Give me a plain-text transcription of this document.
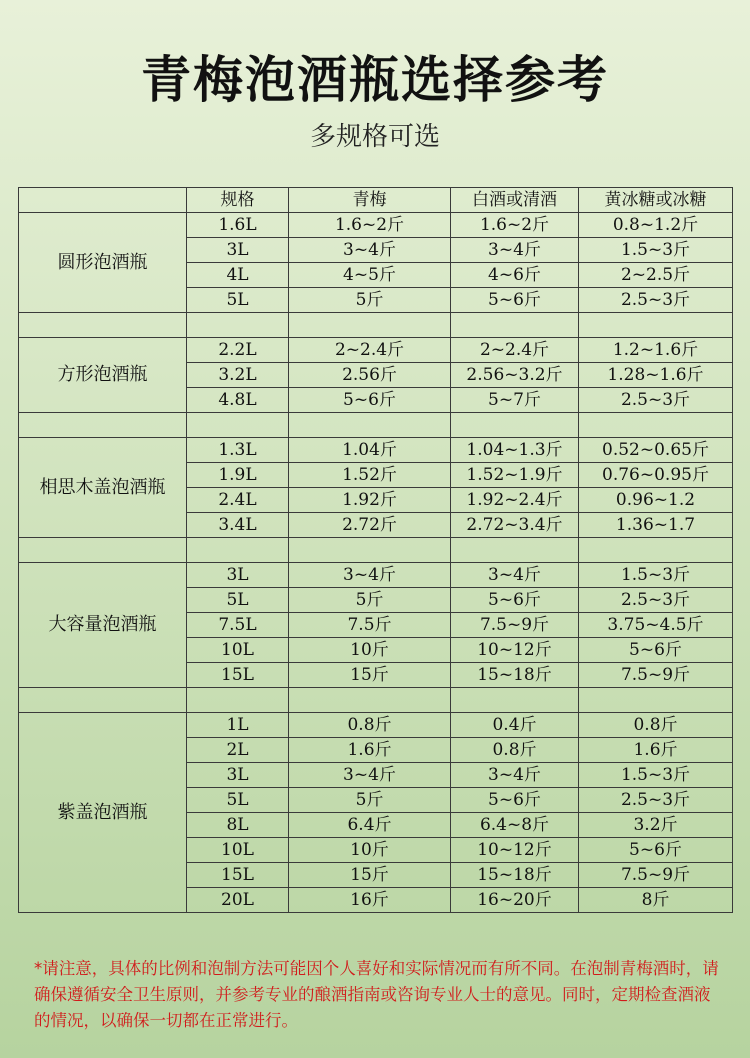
青梅泡酒瓶选择参考
多规格可选
	规格	青梅	白酒或清酒	黄冰糖或冰糖
圆形泡酒瓶	1.6L	1.6~2斤	1.6~2斤	0.8~1.2斤
	3L	3~4斤	3~4斤	1.5~3斤
	4L	4~5斤	4~6斤	2~2.5斤
	5L	5斤	5~6斤	2.5~3斤

方形泡酒瓶	2.2L	2~2.4斤	2~2.4斤	1.2~1.6斤
	3.2L	2.56斤	2.56~3.2斤	1.28~1.6斤
	4.8L	5~6斤	5~7斤	2.5~3斤

相思木盖泡酒瓶	1.3L	1.04斤	1.04~1.3斤	0.52~0.65斤
	1.9L	1.52斤	1.52~1.9斤	0.76~0.95斤
	2.4L	1.92斤	1.92~2.4斤	0.96~1.2
	3.4L	2.72斤	2.72~3.4斤	1.36~1.7

大容量泡酒瓶	3L	3~4斤	3~4斤	1.5~3斤
	5L	5斤	5~6斤	2.5~3斤
	7.5L	7.5斤	7.5~9斤	3.75~4.5斤
	10L	10斤	10~12斤	5~6斤
	15L	15斤	15~18斤	7.5~9斤

紫盖泡酒瓶	1L	0.8斤	0.4斤	0.8斤
	2L	1.6斤	0.8斤	1.6斤
	3L	3~4斤	3~4斤	1.5~3斤
	5L	5斤	5~6斤	2.5~3斤
	8L	6.4斤	6.4~8斤	3.2斤
	10L	10斤	10~12斤	5~6斤
	15L	15斤	15~18斤	7.5~9斤
	20L	16斤	16~20斤	8斤
*请注意，具体的比例和泡制方法可能因个人喜好和实际情况而有所不同。在泡制青梅酒时，请确保遵循安全卫生原则，并参考专业的酿酒指南或咨询专业人士的意见。同时，定期检查酒液的情况，以确保一切都在正常进行。
